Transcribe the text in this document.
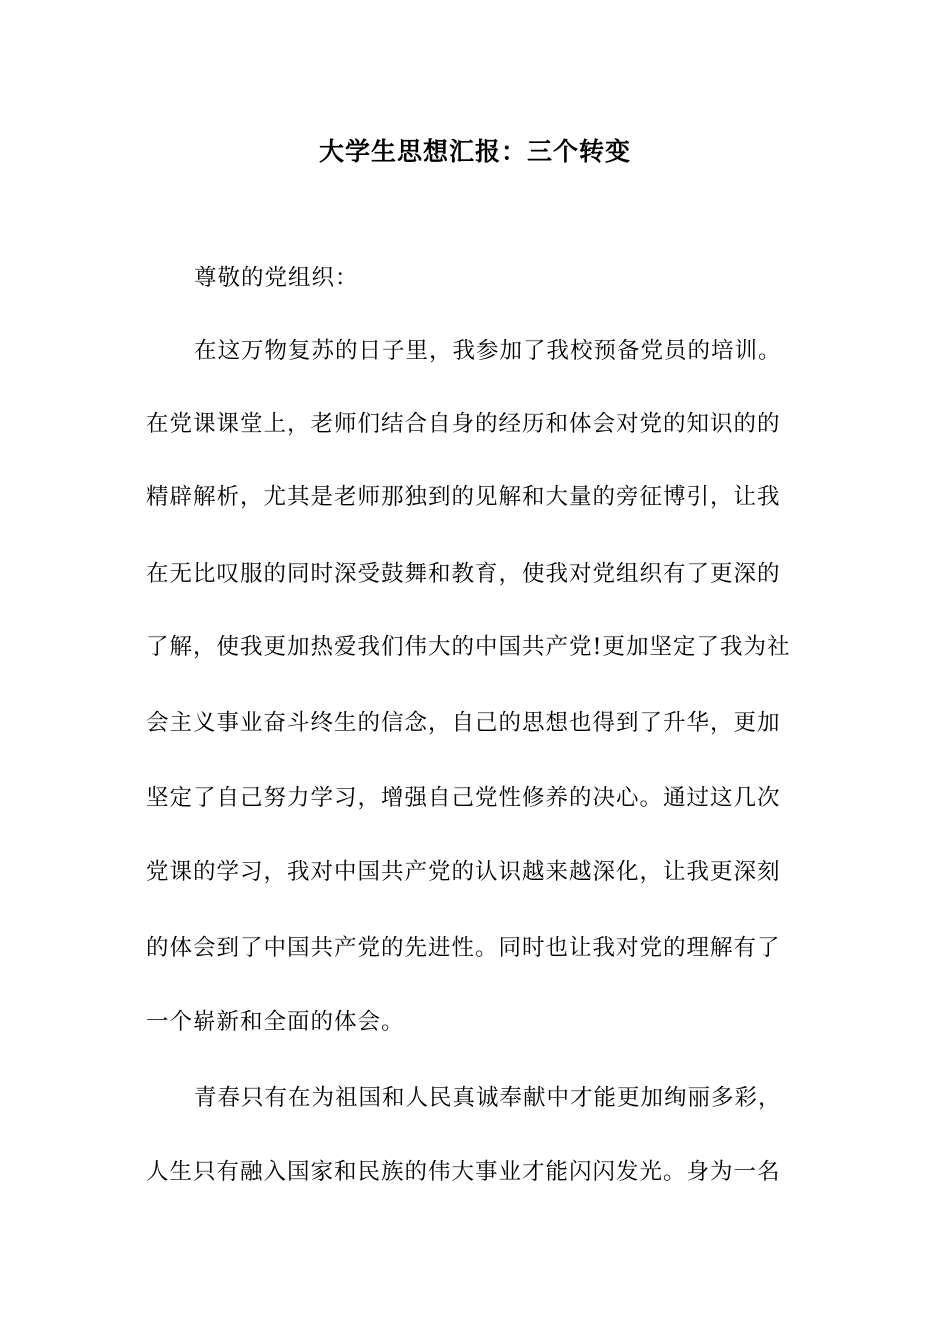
大学生思想汇报：三个转变
尊敬的党组织：
在这万物复苏的日子里，我参加了我校预备党员的培训。
在党课课堂上，老师们结合自身的经历和体会对党的知识的的
精辟解析，尤其是老师那独到的见解和大量的旁征博引，让我
在无比叹服的同时深受鼓舞和教育，使我对党组织有了更深的
了解，使我更加热爱我们伟大的中国共产党!更加坚定了我为社
会主义事业奋斗终生的信念，自己的思想也得到了升华，更加
坚定了自己努力学习，增强自己党性修养的决心。通过这几次
党课的学习，我对中国共产党的认识越来越深化，让我更深刻
的体会到了中国共产党的先进性。同时也让我对党的理解有了
一个崭新和全面的体会。
青春只有在为祖国和人民真诚奉献中才能更加绚丽多彩，
人生只有融入国家和民族的伟大事业才能闪闪发光。身为一名
